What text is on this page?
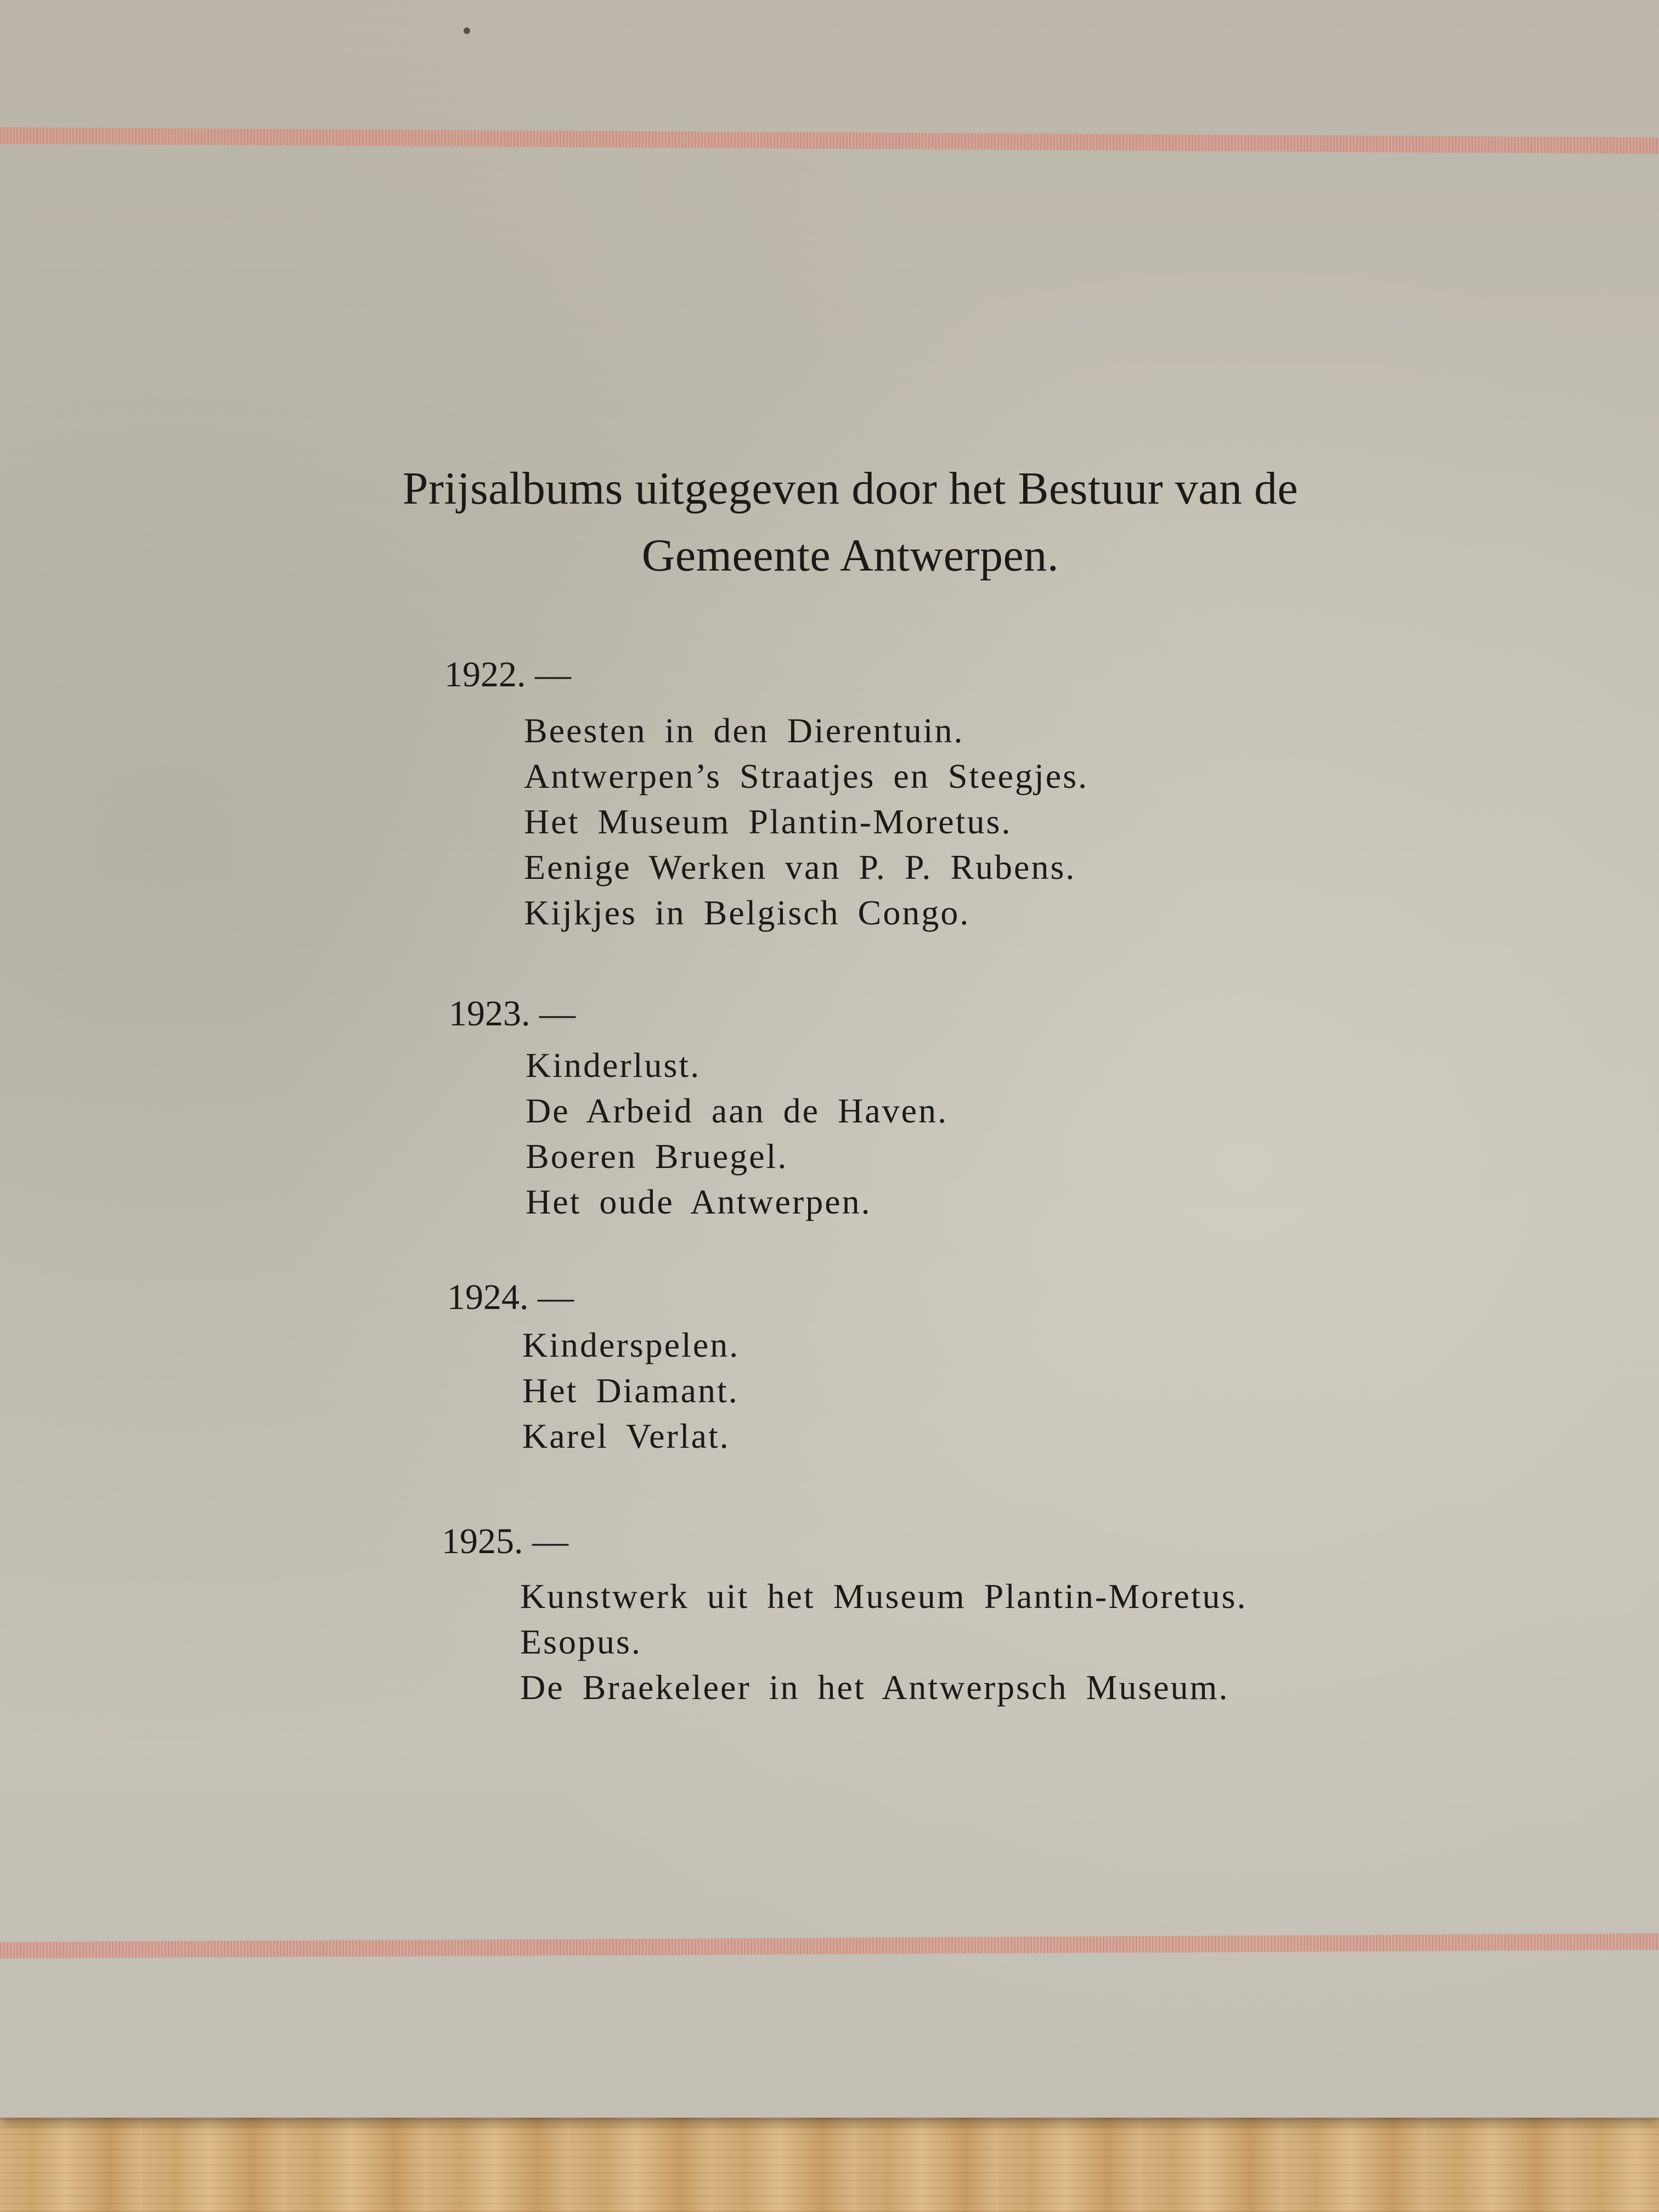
Prijsalbums uitgegeven door het Bestuur van de
Gemeente Antwerpen.
1922. —
Beesten in den Dierentuin.
Antwerpen’s Straatjes en Steegjes.
Het Museum Plantin-Moretus.
Eenige Werken van P. P. Rubens.
Kijkjes in Belgisch Congo.
1923. —
Kinderlust.
De Arbeid aan de Haven.
Boeren Bruegel.
Het oude Antwerpen.
1924. —
Kinderspelen.
Het Diamant.
Karel Verlat.
1925. —
Kunstwerk uit het Museum Plantin-Moretus.
Esopus.
De Braekeleer in het Antwerpsch Museum.
